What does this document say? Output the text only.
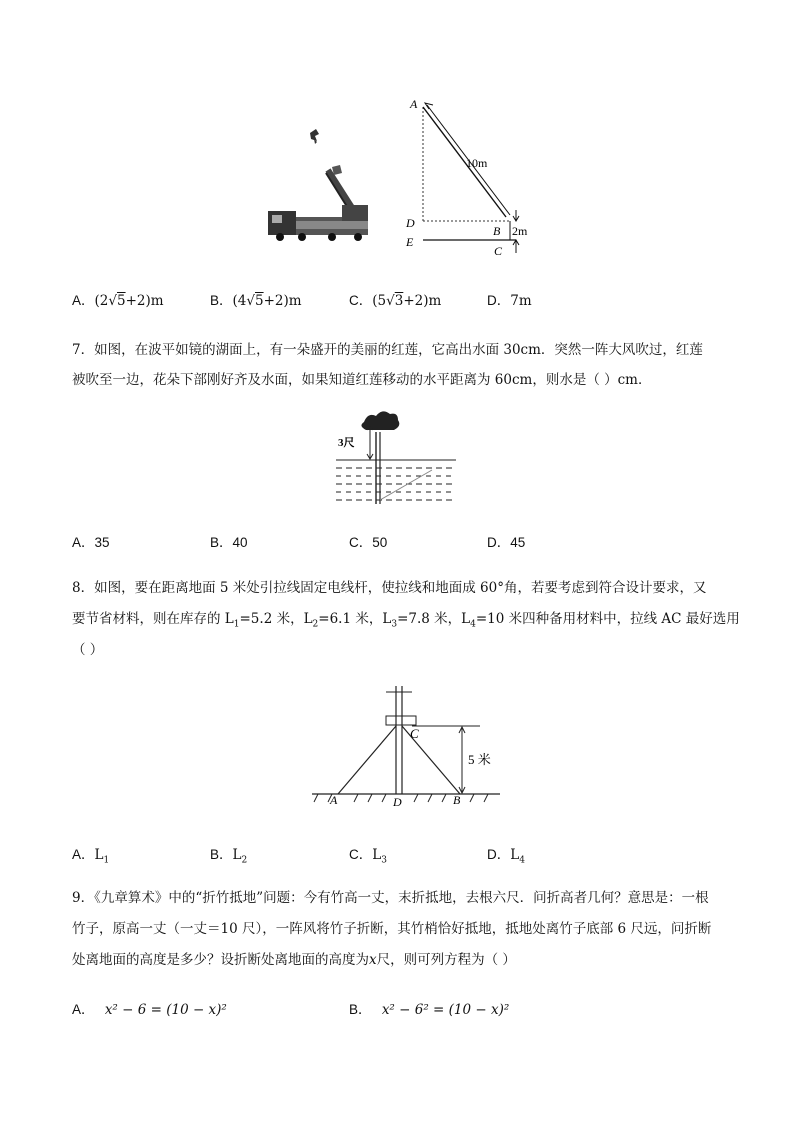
A
10m
D
B 2m
E
C
A．(2√5+2)m	B．(4√5+2)m	C．(5√3+2)m	D．7m
7．如图，在波平如镜的湖面上，有一朵盛开的美丽的红莲，它高出水面 30cm．突然一阵大风吹过，红莲
被吹至一边，花朵下部刚好齐及水面，如果知道红莲移动的水平距离为 60cm，则水是（ ）cm．
3尺
A．35	B．40	C．50	D．45
8．如图，要在距离地面 5 米处引拉线固定电线杆，使拉线和地面成 60°角，若要考虑到符合设计要求，又
要节省材料，则在库存的 $L_1=5.2$ 米，$L_2=6.1$ 米，$L_3=7.8$ 米，$L_4=10$ 米四种备用材料中，拉线 AC 最好选用
（ ）
5 米
C
A	D	B
A．$L_1$	B．$L_2$	C．$L_3$	D．$L_4$
9．《九章算术》中的“折竹抵地”问题：今有竹高一丈，末折抵地，去根六尺．问折高者几何？意思是：一根
竹子，原高一丈（一丈＝10 尺），一阵风将竹子折断，其竹梢恰好抵地，抵地处离竹子底部 6 尺远，问折断
处离地面的高度是多少？设折断处离地面的高度为x尺，则可列方程为（ ）
A． x² − 6 = (10 − x)²	B． x² − 6² = (10 − x)²
